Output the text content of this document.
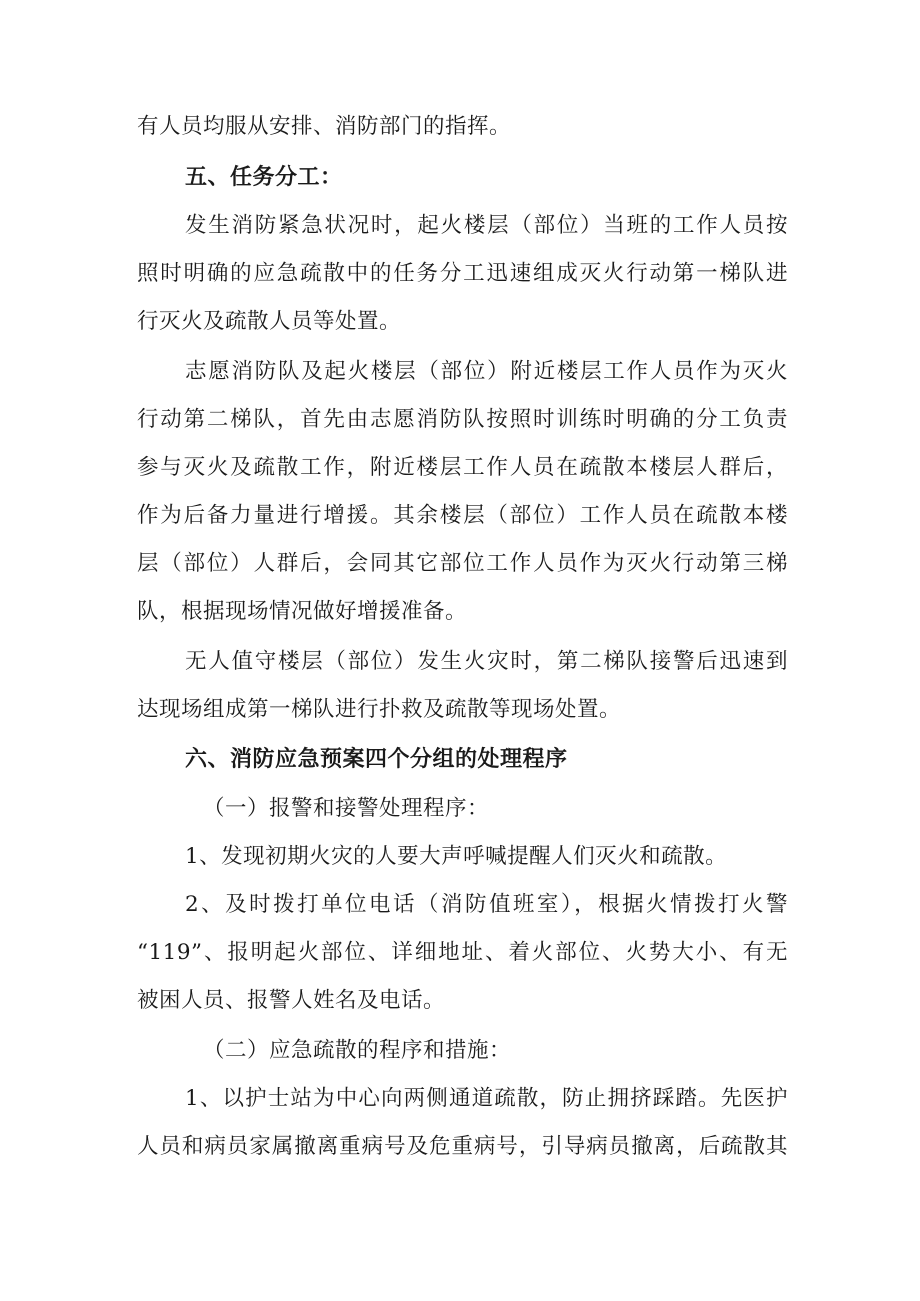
有人员均服从安排、消防部门的指挥。
五、任务分工：
发生消防紧急状况时，起火楼层（部位）当班的工作人员按
照时明确的应急疏散中的任务分工迅速组成灭火行动第一梯队进
行灭火及疏散人员等处置。
志愿消防队及起火楼层（部位）附近楼层工作人员作为灭火
行动第二梯队，首先由志愿消防队按照时训练时明确的分工负责
参与灭火及疏散工作，附近楼层工作人员在疏散本楼层人群后，
作为后备力量进行增援。其余楼层（部位）工作人员在疏散本楼
层（部位）人群后，会同其它部位工作人员作为灭火行动第三梯
队，根据现场情况做好增援准备。
无人值守楼层（部位）发生火灾时，第二梯队接警后迅速到
达现场组成第一梯队进行扑救及疏散等现场处置。
六、消防应急预案四个分组的处理程序
（一）报警和接警处理程序：
1、发现初期火灾的人要大声呼喊提醒人们灭火和疏散。
2、及时拨打单位电话（消防值班室），根据火情拨打火警
“119”、报明起火部位、详细地址、着火部位、火势大小、有无
被困人员、报警人姓名及电话。
（二）应急疏散的程序和措施：
1、以护士站为中心向两侧通道疏散，防止拥挤踩踏。先医护
人员和病员家属撤离重病号及危重病号，引导病员撤离，后疏散其
